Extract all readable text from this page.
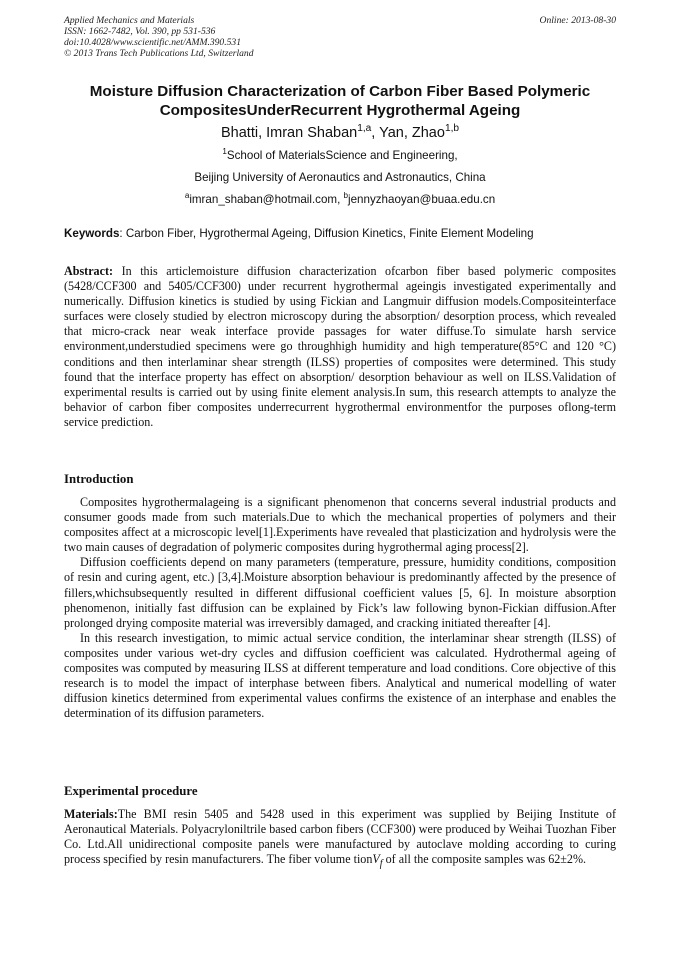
Applied Mechanics and Materials
ISSN: 1662-7482, Vol. 390, pp 531-536
doi:10.4028/www.scientific.net/AMM.390.531
© 2013 Trans Tech Publications Ltd, Switzerland
Online: 2013-08-30
Moisture Diffusion Characterization of Carbon Fiber Based Polymeric
CompositesUnderRecurrent Hygrothermal Ageing
Bhatti, Imran Shaban$^{1,a}$, Yan, Zhao$^{1,b}$
$^1$School of MaterialsScience and Engineering,
Beijing University of Aeronautics and Astronautics, China
$^a$imran_shaban@hotmail.com, $^b$jennyzhaoyan@buaa.edu.cn
Keywords: Carbon Fiber, Hygrothermal Ageing, Diffusion Kinetics, Finite Element Modeling

Abstract: In this articlemoisture diffusion characterization ofcarbon fiber based polymeric composites (5428/CCF300 and 5405/CCF300) under recurrent hygrothermal ageingis investigated experimentally and numerically. Diffusion kinetics is studied by using Fickian and Langmuir diffusion models.Compositeinterface surfaces were closely studied by electron microscopy during the absorption/ desorption process, which revealed that micro-crack near weak interface provide passages for water diffuse.To simulate harsh service environment,understudied specimens were go throughhigh humidity and high temperature(85°C and 120 °C) conditions and then interlaminar shear strength (ILSS) properties of composites were determined. This study found that the interface property has effect on absorption/ desorption behaviour as well on ILSS.Validation of experimental results is carried out by using finite element analysis.In sum, this research attempts to analyze the behavior of carbon fiber composites underrecurrent hygrothermal environmentfor the purposes oflong-term service prediction.

Introduction

Composites hygrothermalageing is a significant phenomenon that concerns several industrial products and consumer goods made from such materials.Due to which the mechanical properties of polymers and their composites affect at a microscopic level[1].Experiments have revealed that plasticization and hydrolysis were the two main causes of degradation of polymeric composites during hygrothermal aging process[2].

Diffusion coefficients depend on many parameters (temperature, pressure, humidity conditions, composition of resin and curing agent, etc.) [3,4].Moisture absorption behaviour is predominantly affected by the presence of fillers,whichsubsequently resulted in different diffusional coefficient values [5, 6]. In moisture absorption phenomenon, initially fast diffusion can be explained by Fick’s law following bynon-Fickian diffusion.After prolonged drying composite material was irreversibly damaged, and cracking initiated thereafter [4].

In this research investigation, to mimic actual service condition, the interlaminar shear strength (ILSS) of composites under various wet-dry cycles and diffusion coefficient was calculated. Hydrothermal ageing of composites was computed by measuring ILSS at different temperature and load conditions. Core objective of this research is to model the impact of interphase between fibers. Analytical and numerical modelling of water diffusion kinetics determined from experimental values confirms the existence of an interphase and enables the determination of its diffusion parameters.

Experimental procedure

Materials:The BMI resin 5405 and 5428 used in this experiment was supplied by Beijing Institute of Aeronautical Materials. Polyacryloniltrile based carbon fibers (CCF300) were produced by Weihai Tuozhan Fiber Co. Ltd.All unidirectional composite panels were manufactured by autoclave molding according to curing process specified by resin manufacturers. The fiber volume tionV$_f$ of all the composite samples was 62±2%.
